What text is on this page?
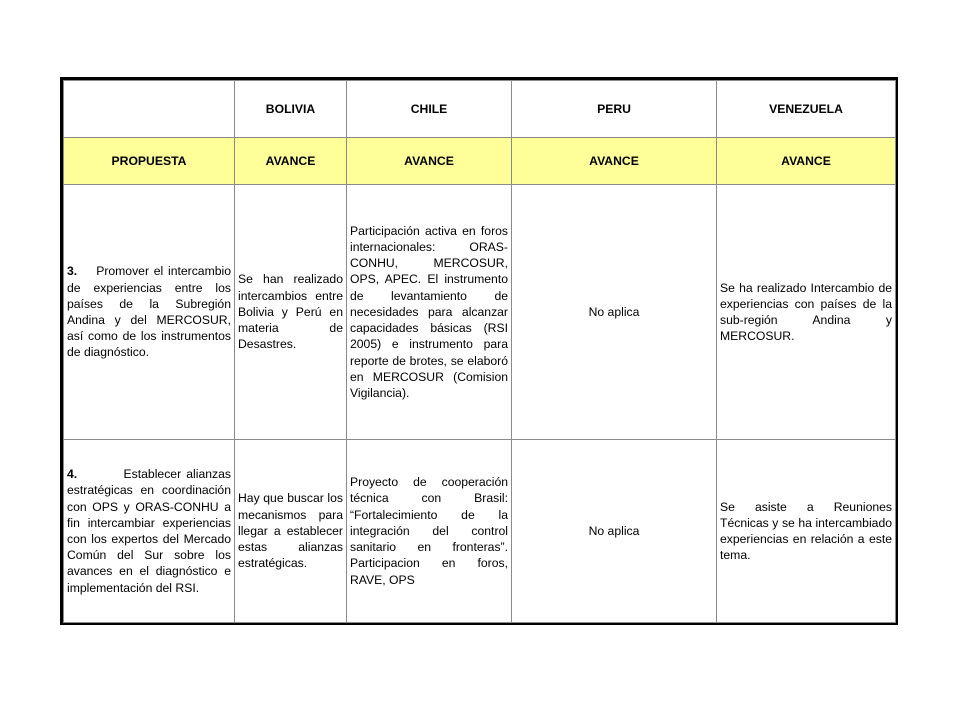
	BOLIVIA	CHILE	PERU	VENEZUELA
PROPUESTA	AVANCE	AVANCE	AVANCE	AVANCE
3. Promover el intercambio de experiencias entre los países de la Subregión Andina y del MERCOSUR, así como de los instrumentos de diagnóstico.	Se han realizado intercambios entre Bolivia y Perú en materia de Desastres.	Participación activa en foros internacionales: ORAS-CONHU, MERCOSUR, OPS, APEC. El instrumento de levantamiento de necesidades para alcanzar capacidades básicas (RSI 2005) e instrumento para reporte de brotes, se elaboró en MERCOSUR (Comision Vigilancia).	No aplica	Se ha realizado Intercambio de experiencias con países de la sub-región Andina y MERCOSUR.
4. Establecer alianzas estratégicas en coordinación con OPS y ORAS-CONHU a fin intercambiar experiencias con los expertos del Mercado Común del Sur sobre los avances en el diagnóstico e implementación del RSI.	Hay que buscar los mecanismos para llegar a establecer estas alianzas estratégicas.	Proyecto de cooperación técnica con Brasil: “Fortalecimiento de la integración del control sanitario en fronteras”. Participacion en foros, RAVE, OPS	No aplica	Se asiste a Reuniones Técnicas y se ha intercambiado experiencias en relación a este tema.
